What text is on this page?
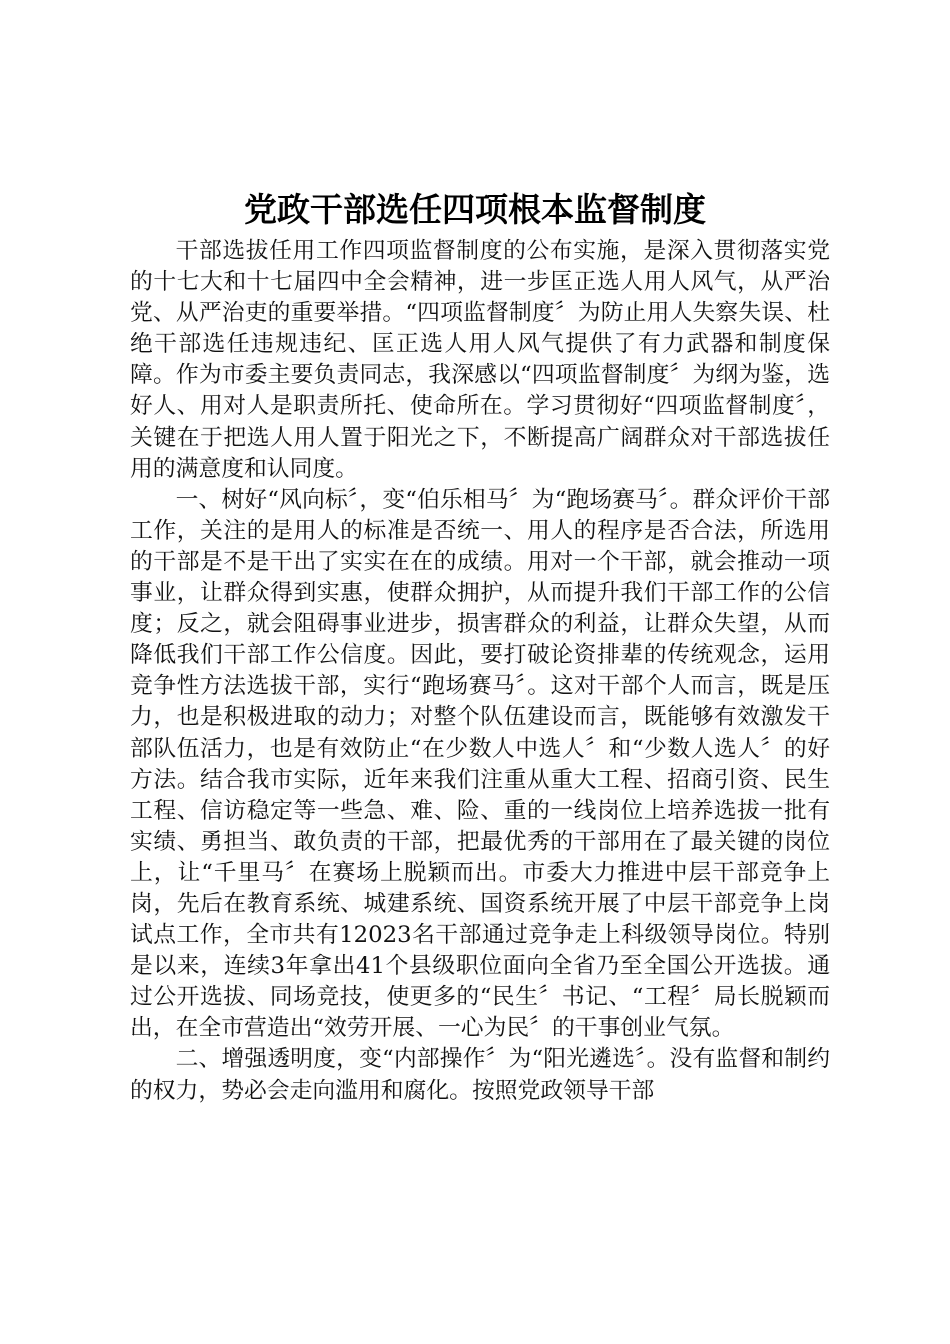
党政干部选任四项根本监督制度

干部选拔任用工作四项监督制度的公布实施，是深入贯彻落实党的十七大和十七届四中全会精神，进一步匡正选人用人风气，从严治党、从严治吏的重要举措。“四项监督制度〞为防止用人失察失误、杜绝干部选任违规违纪、匡正选人用人风气提供了有力武器和制度保障。作为市委主要负责同志，我深感以“四项监督制度〞为纲为鉴，选好人、用对人是职责所托、使命所在。学习贯彻好“四项监督制度〞，关键在于把选人用人置于阳光之下，不断提高广阔群众对干部选拔任用的满意度和认同度。

一、树好“风向标〞，变“伯乐相马〞为“跑场赛马〞。群众评价干部工作，关注的是用人的标准是否统一、用人的程序是否合法，所选用的干部是不是干出了实实在在的成绩。用对一个干部，就会推动一项事业，让群众得到实惠，使群众拥护，从而提升我们干部工作的公信度；反之，就会阻碍事业进步，损害群众的利益，让群众失望，从而降低我们干部工作公信度。因此，要打破论资排辈的传统观念，运用竞争性方法选拔干部，实行“跑场赛马〞。这对干部个人而言，既是压力，也是积极进取的动力；对整个队伍建设而言，既能够有效激发干部队伍活力，也是有效防止“在少数人中选人〞和“少数人选人〞的好方法。结合我市实际，近年来我们注重从重大工程、招商引资、民生工程、信访稳定等一些急、难、险、重的一线岗位上培养选拔一批有实绩、勇担当、敢负责的干部，把最优秀的干部用在了最关键的岗位上，让“千里马〞在赛场上脱颖而出。市委大力推进中层干部竞争上岗，先后在教育系统、城建系统、国资系统开展了中层干部竞争上岗试点工作，全市共有12023名干部通过竞争走上科级领导岗位。特别是以来，连续3年拿出41个县级职位面向全省乃至全国公开选拔。通过公开选拔、同场竞技，使更多的“民生〞书记、“工程〞局长脱颖而出，在全市营造出“效劳开展、一心为民〞的干事创业气氛。

二、增强透明度，变“内部操作〞为“阳光遴选〞。没有监督和制约的权力，势必会走向滥用和腐化。按照党政领导干部
